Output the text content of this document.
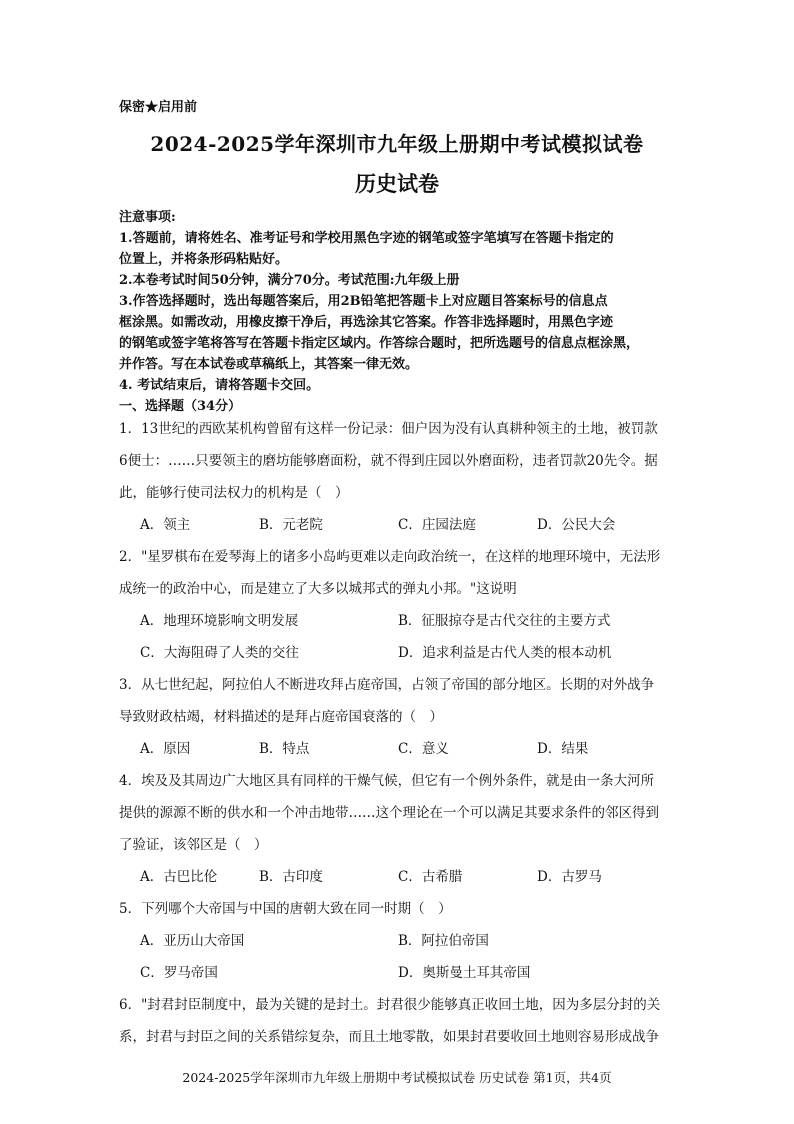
保密★启用前
2024-2025学年深圳市九年级上册期中考试模拟试卷
历史试卷
注意事项:
1.答题前，请将姓名、准考证号和学校用黑色字迹的钢笔或签字笔填写在答题卡指定的
位置上，并将条形码粘贴好。
2.本卷考试时间50分钟，满分70分。考试范围:九年级上册
3.作答选择题时，选出每题答案后，用2B铅笔把答题卡上对应题目答案标号的信息点
框涂黑。如需改动，用橡皮擦干净后，再选涂其它答案。作答非选择题时，用黑色字迹
的钢笔或签字笔将答写在答题卡指定区域内。作答综合题时，把所选题号的信息点框涂黑，
并作答。写在本试卷或草稿纸上，其答案一律无效。
4. 考试结束后，请将答题卡交回。
一、选择题（34分）
1．13世纪的西欧某机构曾留有这样一份记录：佃户因为没有认真耕种领主的土地，被罚款
6便士：……只要领主的磨坊能够磨面粉，就不得到庄园以外磨面粉，违者罚款20先令。据
此，能够行使司法权力的机构是（　）
A．领主	B．元老院	C．庄园法庭	D．公民大会
2．"星罗棋布在爱琴海上的诸多小岛屿更难以走向政治统一，在这样的地理环境中，无法形
成统一的政治中心，而是建立了大多以城邦式的弹丸小邦。"这说明
A．地理环境影响文明发展	B．征服掠夺是古代交往的主要方式
C．大海阻碍了人类的交往	D．追求利益是古代人类的根本动机
3．从七世纪起，阿拉伯人不断进攻拜占庭帝国，占领了帝国的部分地区。长期的对外战争
导致财政枯竭，材料描述的是拜占庭帝国衰落的（　）
A．原因	B．特点	C．意义	D．结果
4．埃及及其周边广大地区具有同样的干燥气候，但它有一个例外条件，就是由一条大河所
提供的源源不断的供水和一个冲击地带……这个理论在一个可以满足其要求条件的邻区得到
了验证，该邻区是（　）
A．古巴比伦	B．古印度	C．古希腊	D．古罗马
5．下列哪个大帝国与中国的唐朝大致在同一时期（　）
A．亚历山大帝国	B．阿拉伯帝国
C．罗马帝国	D．奥斯曼土耳其帝国
6．"封君封臣制度中，最为关键的是封土。封君很少能够真正收回土地，因为多层分封的关
系，封君与封臣之间的关系错综复杂，而且土地零散，如果封君要收回土地则容易形成战争
2024-2025学年深圳市九年级上册期中考试模拟试卷 历史试卷 第1页，共4页
